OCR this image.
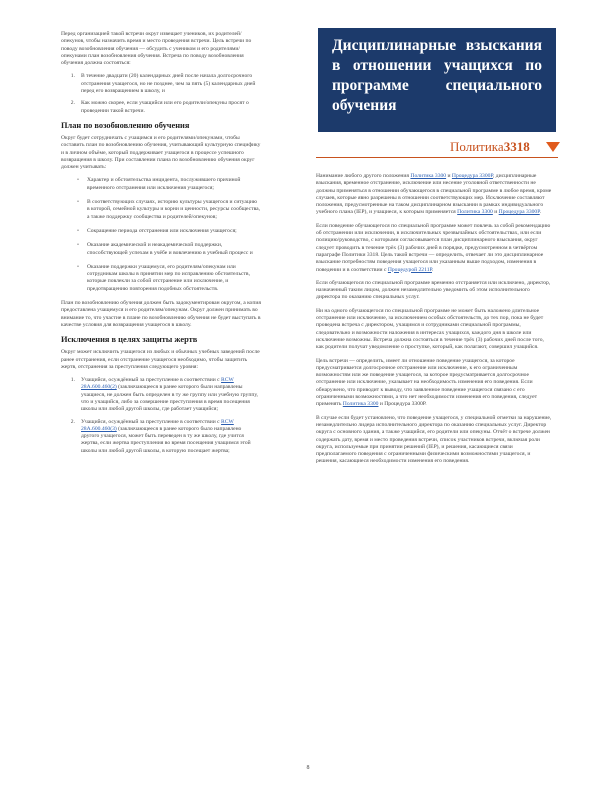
Дисциплинарные взыскания в отношении учащихся по программе специального обучения
Политика3318

Перед организацией такой встречи округ извещает учеников, их родителей/опекунов, чтобы назначить время и место проведения встречи. Цель встречи по поводу возобновления обучения — обсудить с учеником и его родителями/опекунами план возобновления обучения. Встреча по поводу возобновления обучения должна состояться:

1.	В течение двадцати (20) календарных дней после начала долгосрочного отстранения учащегося, но не позднее, чем за пять (5) календарных дней перед его возвращением в школу, и
2.	Как можно скорее, если учащийся или его родители/опекуны просят о проведении такой встречи.
План по возобновлению обучения

Округ будет сотрудничать с учащимся и его родителями/опекунами, чтобы составить план по возобновлению обучения, учитывающий культурную специфику и в личном объёме, который поддерживает учащегося в процессе успешного возвращения в школу. При составлении плана по возобновлению обучения округ должен учитывать:

▫	Характер и обстоятельства инцидента, послужившего причиной временного отстранения или исключения учащегося;
▫	В соответствующих случаях, историю культуры учащегося и ситуацию в которой, семейной культуры и корни и ценности, ресурсы сообщества, а также поддержку сообщества и родителей/опекунов;
▫	Сокращение периода отстранения или исключения учащегося;
▫	Оказание академической и неакадемической поддержки, способствующей успехам в учёбе и вовлечению в учебный процесс и
▫	Оказание поддержки учащемуся, его родителям/опекунам или сотрудникам школы в принятии мер по исправлению обстоятельств, которые повлекли за собой отстранение или исключение, и предотвращению повторения подобных обстоятельств.

План по возобновлению обучения должен быть задокументирован округом, а копия предоставлена учащемуся и его родителям/опекунам. Округ должен принимать во внимание то, что участие в плане по возобновлению обучения не будет выступать в качестве условия для возвращения учащегося в школу.

Исключения в целях защиты жертв

Округ может исключить учащегося из любых и обычных учебных заведений после ранее отстранения, если отстранение учащегося необходимо, чтобы защитить жертв, отстранения за преступления следующего уровня:

1.	Учащийся, осуждённый за преступление в соответствии с RCW 28A.600.460(2) (заключающееся в ранее которого были направлены учащиеся, не должен быть определен в ту же группу или учебную группу, что и учащийся, либо за совершение преступления в время посещения школы или любой другой школы, где работает учащийся;
2.	Учащийся, осуждённый за преступление в соответствии с RCW 28A.600.460(3) (заключающееся в ранее которого было направлено другого учащегося, может быть переведен в ту же школу, где учится жертва, если жертва преступления во время посещения учащимся этой школы или любой другой школы, в которую посещает жертва;

Нанимание любого другого положения Политика 3300 и Процедура 3300P, дисциплинарные взыскания, временное отстранение, исключение или несение уголовной ответственности не должны применяться в отношении обучающегося в специальной программе в любое время, кроме случаев, которые явно разрешены в отношении соответствующих мер. Исключение составляют положения, предусмотренные на таком дисциплинарном взыскании в рамках индивидуального учебного плана (IEP), и учащиеся, к которым применяется Политика 3300 и Процедура 3300P.

Если поведение обучающегося по специальной программе может повлечь за собой рекомендацию об отстранении или исключении, в исключительных чрезвычайных обстоятельствах, или если полицию/руководство, с которыми согласовывается план дисциплинарного взыскания, округ следует проводить в течение трёх (3) рабочих дней в порядке, предусмотренном в четвёртом параграфе Политики 3318. Цель такой встречи — определить, отвечает ли это дисциплинарное взыскание потребностям поведения учащегося или указанным выше подходом, изменения в поведении и в соответствии с Процедурой 2211P.

Если обучающегося по специальной программе временно отстраняется или исключено, директор, назначенный таким лицом, должен незамедлительно уведомить об этом исполнительного директора по оказанию специальных услуг.

Ни на одного обучающегося по специальной программе не может быть наложено длительное отстранение или исключение, за исключением особых обстоятельств, до тех пор, пока не будет проведена встреча с директором, учащимся и сотрудниками специальной программы, следовательно и возможности наложения в интересах учащихся, каждого дня в школе или исключение возможны. Встреча должна состояться в течение трёх (3) рабочих дней после того, как родители получат уведомление о проступке, который, как полагают, совершил учащийся.

Цель встречи — определить, имеет ли отношение поведение учащегося, за которое предусматривается долгосрочное отстранение или исключение, к его ограниченным возможностям или же поведение учащегося, за которое предусматривается долгосрочное отстранение или исключение, указывает на необходимость изменения его поведения. Если обнаружено, что приводит к выводу, что заявленное поведение учащегося связано с его ограниченными возможностями, а что нет необходимости изменения его поведения, следует применять Политика 3300 и Процедура 3300P.

В случае если будет установлено, что поведение учащегося, у специальной отметки за нарушение, незамедлительно лидера исполнительного директора по оказанию специальных услуг. Директор округа с основного здания, а также учащийся, его родители или опекуны. Отчёт о встрече должен содержать дату, время и место проведения встречи, список участников встречи, включая роли округа, используемые при принятии решений (IEP), и решения, касающиеся связи предполагаемого поведения с ограниченными физическими возможностями учащегося, и решения, касающиеся необходимости изменения его поведения.

8
